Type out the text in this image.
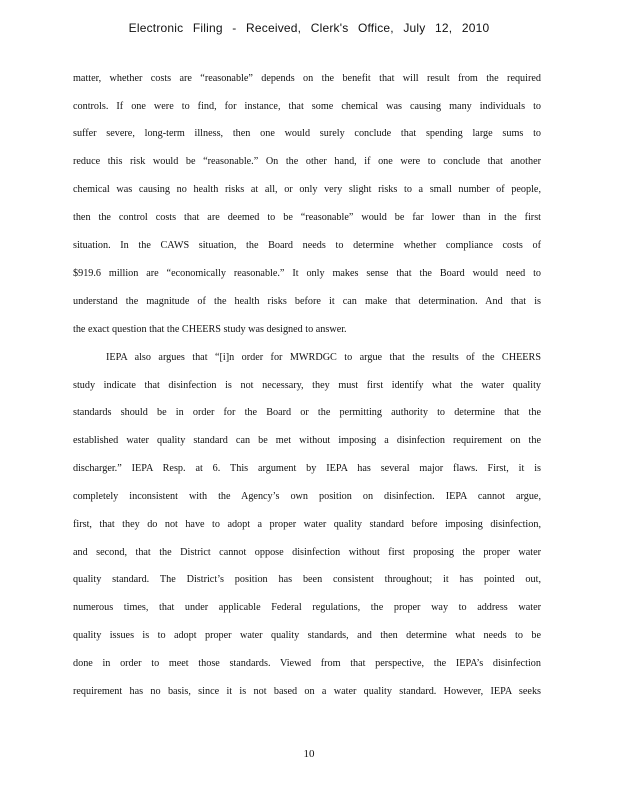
Electronic Filing - Received, Clerk's Office, July 12, 2010
matter, whether costs are “reasonable” depends on the benefit that will result from the required
controls. If one were to find, for instance, that some chemical was causing many individuals to
suffer severe, long-term illness, then one would surely conclude that spending large sums to
reduce this risk would be “reasonable.” On the other hand, if one were to conclude that another
chemical was causing no health risks at all, or only very slight risks to a small number of people,
then the control costs that are deemed to be “reasonable” would be far lower than in the first
situation. In the CAWS situation, the Board needs to determine whether compliance costs of
$919.6 million are “economically reasonable.” It only makes sense that the Board would need to
understand the magnitude of the health risks before it can make that determination. And that is
the exact question that the CHEERS study was designed to answer.
IEPA also argues that “[i]n order for MWRDGC to argue that the results of the CHEERS
study indicate that disinfection is not necessary, they must first identify what the water quality
standards should be in order for the Board or the permitting authority to determine that the
established water quality standard can be met without imposing a disinfection requirement on the
discharger.” IEPA Resp. at 6. This argument by IEPA has several major flaws. First, it is
completely inconsistent with the Agency’s own position on disinfection. IEPA cannot argue,
first, that they do not have to adopt a proper water quality standard before imposing disinfection,
and second, that the District cannot oppose disinfection without first proposing the proper water
quality standard. The District’s position has been consistent throughout; it has pointed out,
numerous times, that under applicable Federal regulations, the proper way to address water
quality issues is to adopt proper water quality standards, and then determine what needs to be
done in order to meet those standards. Viewed from that perspective, the IEPA’s disinfection
requirement has no basis, since it is not based on a water quality standard. However, IEPA seeks
10
